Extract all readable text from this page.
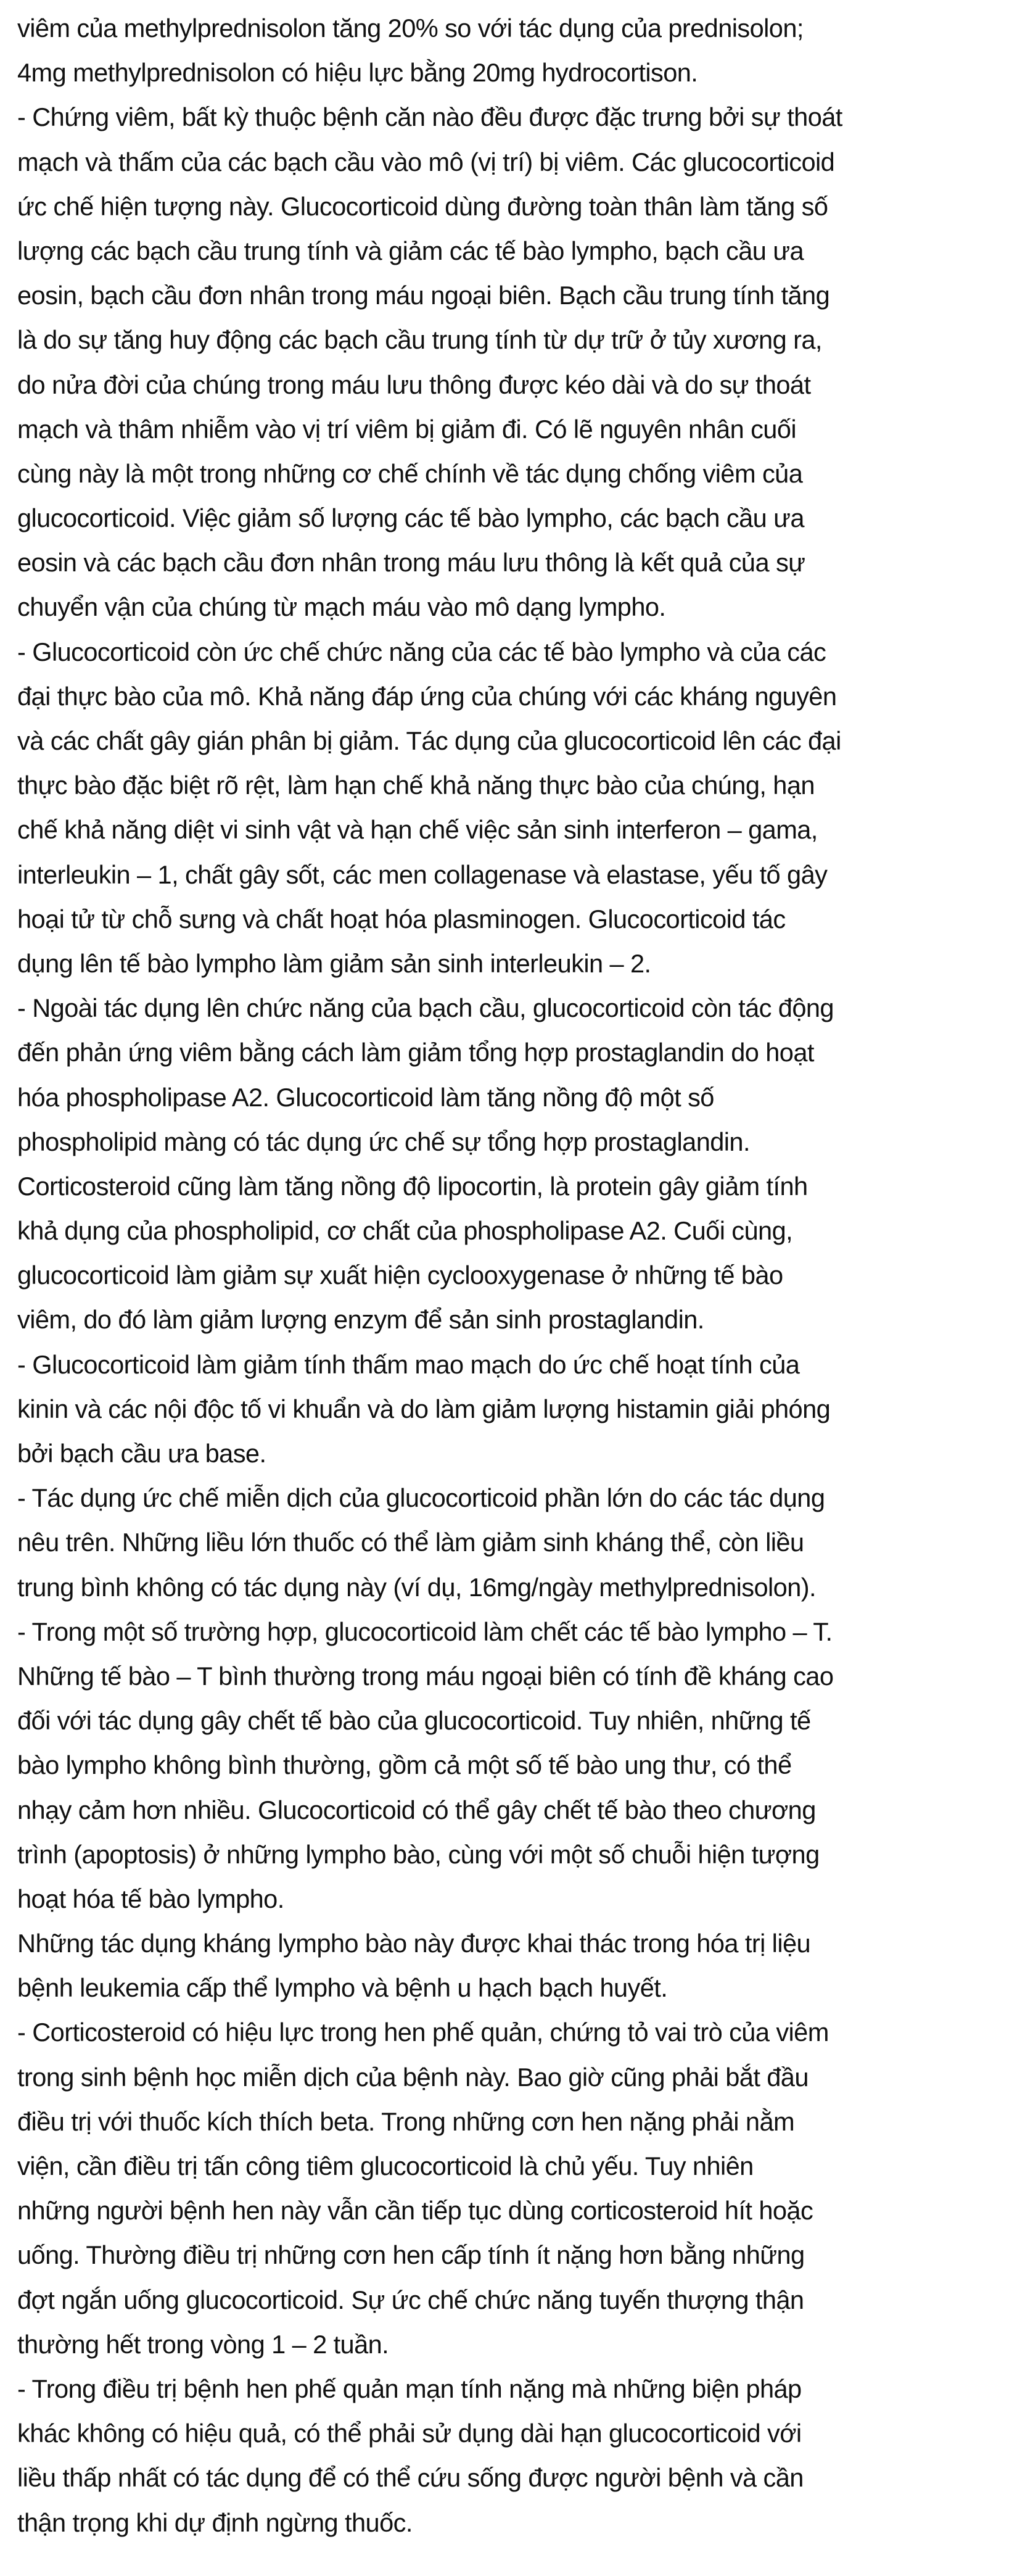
viêm của methylprednisolon tăng 20% so với tác dụng của prednisolon;
4mg methylprednisolon có hiệu lực bằng 20mg hydrocortison.
- Chứng viêm, bất kỳ thuộc bệnh căn nào đều được đặc trưng bởi sự thoát
mạch và thấm của các bạch cầu vào mô (vị trí) bị viêm. Các glucocorticoid
ức chế hiện tượng này. Glucocorticoid dùng đường toàn thân làm tăng số
lượng các bạch cầu trung tính và giảm các tế bào lympho, bạch cầu ưa
eosin, bạch cầu đơn nhân trong máu ngoại biên. Bạch cầu trung tính tăng
là do sự tăng huy động các bạch cầu trung tính từ dự trữ ở tủy xương ra,
do nửa đời của chúng trong máu lưu thông được kéo dài và do sự thoát
mạch và thâm nhiễm vào vị trí viêm bị giảm đi. Có lẽ nguyên nhân cuối
cùng này là một trong những cơ chế chính về tác dụng chống viêm của
glucocorticoid. Việc giảm số lượng các tế bào lympho, các bạch cầu ưa
eosin và các bạch cầu đơn nhân trong máu lưu thông là kết quả của sự
chuyển vận của chúng từ mạch máu vào mô dạng lympho.
- Glucocorticoid còn ức chế chức năng của các tế bào lympho và của các
đại thực bào của mô. Khả năng đáp ứng của chúng với các kháng nguyên
và các chất gây gián phân bị giảm. Tác dụng của glucocorticoid lên các đại
thực bào đặc biệt rõ rệt, làm hạn chế khả năng thực bào của chúng, hạn
chế khả năng diệt vi sinh vật và hạn chế việc sản sinh interferon – gama,
interleukin – 1, chất gây sốt, các men collagenase và elastase, yếu tố gây
hoại tử từ chỗ sưng và chất hoạt hóa plasminogen. Glucocorticoid tác
dụng lên tế bào lympho làm giảm sản sinh interleukin – 2.
- Ngoài tác dụng lên chức năng của bạch cầu, glucocorticoid còn tác động
đến phản ứng viêm bằng cách làm giảm tổng hợp prostaglandin do hoạt
hóa phospholipase A2. Glucocorticoid làm tăng nồng độ một số
phospholipid màng có tác dụng ức chế sự tổng hợp prostaglandin.
Corticosteroid cũng làm tăng nồng độ lipocortin, là protein gây giảm tính
khả dụng của phospholipid, cơ chất của phospholipase A2. Cuối cùng,
glucocorticoid làm giảm sự xuất hiện cyclooxygenase ở những tế bào
viêm, do đó làm giảm lượng enzym để sản sinh prostaglandin.
- Glucocorticoid làm giảm tính thấm mao mạch do ức chế hoạt tính của
kinin và các nội độc tố vi khuẩn và do làm giảm lượng histamin giải phóng
bởi bạch cầu ưa base.
- Tác dụng ức chế miễn dịch của glucocorticoid phần lớn do các tác dụng
nêu trên. Những liều lớn thuốc có thể làm giảm sinh kháng thể, còn liều
trung bình không có tác dụng này (ví dụ, 16mg/ngày methylprednisolon).
- Trong một số trường hợp, glucocorticoid làm chết các tế bào lympho – T.
Những tế bào – T bình thường trong máu ngoại biên có tính đề kháng cao
đối với tác dụng gây chết tế bào của glucocorticoid. Tuy nhiên, những tế
bào lympho không bình thường, gồm cả một số tế bào ung thư, có thể
nhạy cảm hơn nhiều. Glucocorticoid có thể gây chết tế bào theo chương
trình (apoptosis) ở những lympho bào, cùng với một số chuỗi hiện tượng
hoạt hóa tế bào lympho.
Những tác dụng kháng lympho bào này được khai thác trong hóa trị liệu
bệnh leukemia cấp thể lympho và bệnh u hạch bạch huyết.
- Corticosteroid có hiệu lực trong hen phế quản, chứng tỏ vai trò của viêm
trong sinh bệnh học miễn dịch của bệnh này. Bao giờ cũng phải bắt đầu
điều trị với thuốc kích thích beta. Trong những cơn hen nặng phải nằm
viện, cần điều trị tấn công tiêm glucocorticoid là chủ yếu. Tuy nhiên
những người bệnh hen này vẫn cần tiếp tục dùng corticosteroid hít hoặc
uống. Thường điều trị những cơn hen cấp tính ít nặng hơn bằng những
đợt ngắn uống glucocorticoid. Sự ức chế chức năng tuyến thượng thận
thường hết trong vòng 1 – 2 tuần.
- Trong điều trị bệnh hen phế quản mạn tính nặng mà những biện pháp
khác không có hiệu quả, có thể phải sử dụng dài hạn glucocorticoid với
liều thấp nhất có tác dụng để có thể cứu sống được người bệnh và cần
thận trọng khi dự định ngừng thuốc.
